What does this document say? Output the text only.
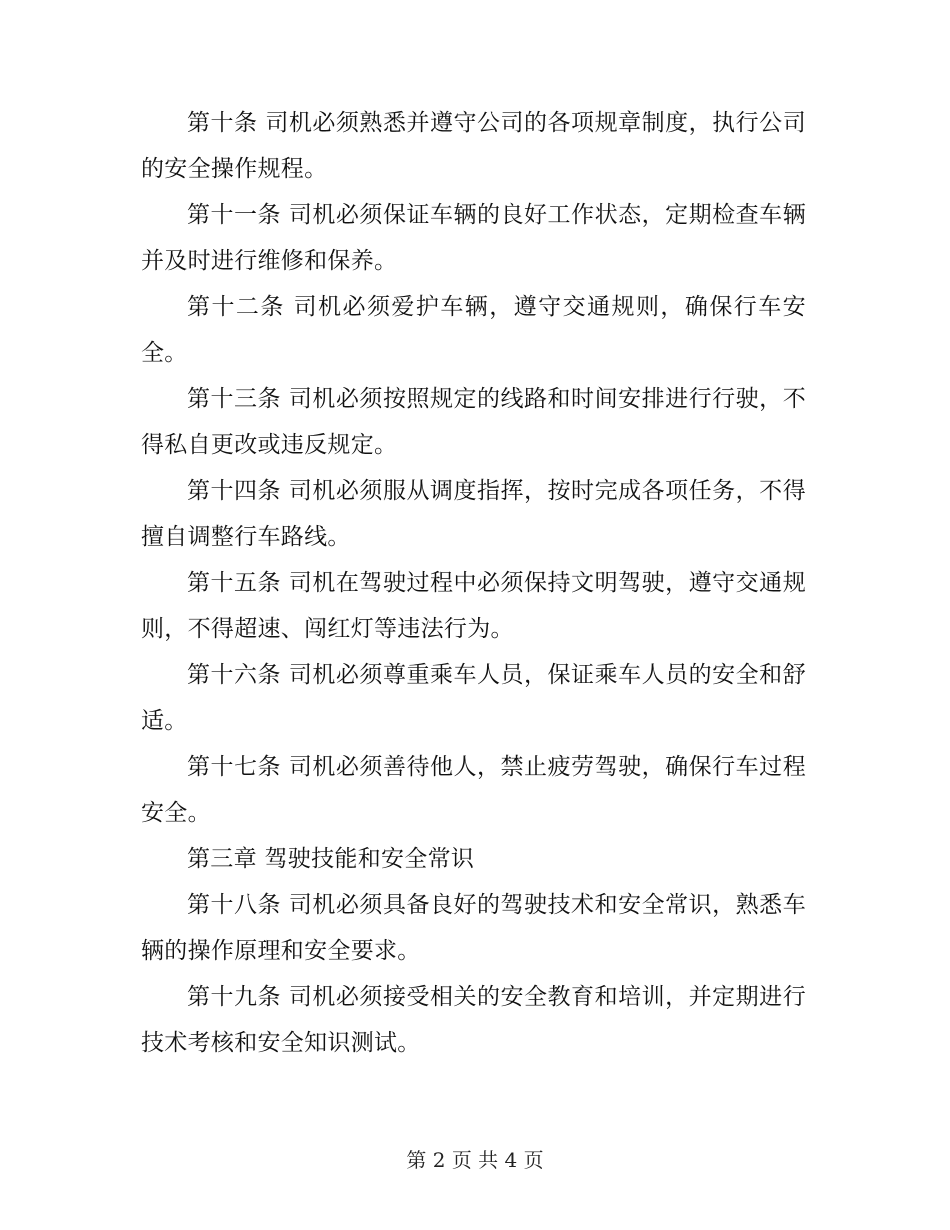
第十条 司机必须熟悉并遵守公司的各项规章制度，执行公司的安全操作规程。

第十一条 司机必须保证车辆的良好工作状态，定期检查车辆并及时进行维修和保养。

第十二条 司机必须爱护车辆，遵守交通规则，确保行车安全。

第十三条 司机必须按照规定的线路和时间安排进行行驶，不得私自更改或违反规定。

第十四条 司机必须服从调度指挥，按时完成各项任务，不得擅自调整行车路线。

第十五条 司机在驾驶过程中必须保持文明驾驶，遵守交通规则，不得超速、闯红灯等违法行为。

第十六条 司机必须尊重乘车人员，保证乘车人员的安全和舒适。

第十七条 司机必须善待他人，禁止疲劳驾驶，确保行车过程安全。

第三章 驾驶技能和安全常识

第十八条 司机必须具备良好的驾驶技术和安全常识，熟悉车辆的操作原理和安全要求。

第十九条 司机必须接受相关的安全教育和培训，并定期进行技术考核和安全知识测试。

第 2 页 共 4 页
